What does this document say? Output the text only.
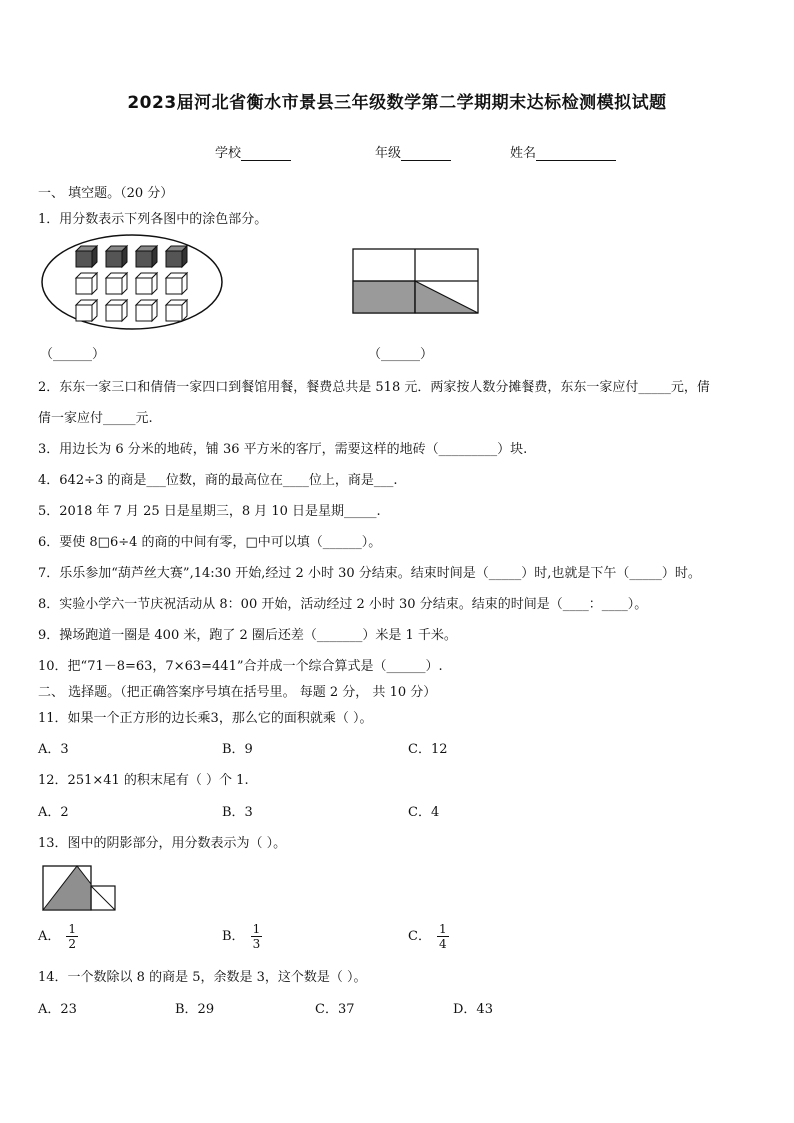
2023届河北省衡水市景县三年级数学第二学期期末达标检测模拟试题
学校	年级	姓名
一、 填空题。（20 分）
1．用分数表示下列各图中的涂色部分。
（______）	（______）
2．东东一家三口和倩倩一家四口到餐馆用餐，餐费总共是 518 元．两家按人数分摊餐费，东东一家应付_____元，倩
倩一家应付_____元.
3．用边长为 6 分米的地砖，铺 36 平方米的客厅，需要这样的地砖（_________）块.
4．642÷3 的商是___位数，商的最高位在____位上，商是___.
5．2018 年 7 月 25 日是星期三，8 月 10 日是星期_____.
6．要使 8□6÷4 的商的中间有零，□中可以填（______）。
7．乐乐参加“葫芦丝大赛”,14:30 开始,经过 2 小时 30 分结束。结束时间是（_____）时,也就是下午（_____）时。
8．实验小学六一节庆祝活动从 8：00 开始，活动经过 2 小时 30 分结束。结束的时间是（____：____）。
9．操场跑道一圈是 400 米，跑了 2 圈后还差（_______）米是 1 千米。
10．把“71－8=63，7×63=441”合并成一个综合算式是（______）.
二、 选择题。（把正确答案序号填在括号里。 每题 2 分， 共 10 分）
11．如果一个正方形的边长乘3，那么它的面积就乘（ ）。
A．3	B．9	C．12
12．251×41 的积末尾有（ ）个 1.
A．2	B．3	C．4
13．图中的阴影部分，用分数表示为（ ）。
A． $\frac{1}{2}$	B． $\frac{1}{3}$	C． $\frac{1}{4}$
14．一个数除以 8 的商是 5，余数是 3，这个数是（ ）。
A．23	B．29	C．37	D．43
